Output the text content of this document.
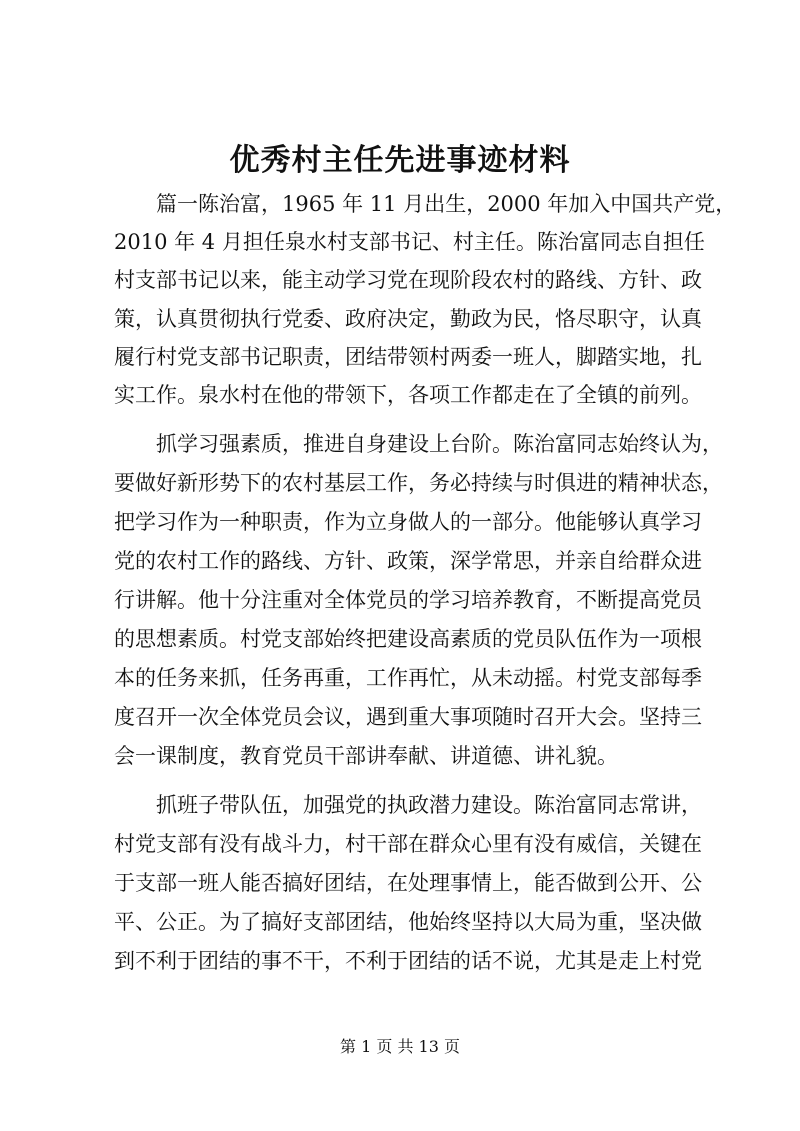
优秀村主任先进事迹材料
篇一陈治富，1965 年 11 月出生，2000 年加入中国共产党，
2010 年 4 月担任泉水村支部书记、村主任。陈治富同志自担任
村支部书记以来，能主动学习党在现阶段农村的路线、方针、政
策，认真贯彻执行党委、政府决定，勤政为民，恪尽职守，认真
履行村党支部书记职责，团结带领村两委一班人，脚踏实地，扎
实工作。泉水村在他的带领下，各项工作都走在了全镇的前列。
抓学习强素质，推进自身建设上台阶。陈治富同志始终认为，
要做好新形势下的农村基层工作，务必持续与时俱进的精神状态，
把学习作为一种职责，作为立身做人的一部分。他能够认真学习
党的农村工作的路线、方针、政策，深学常思，并亲自给群众进
行讲解。他十分注重对全体党员的学习培养教育，不断提高党员
的思想素质。村党支部始终把建设高素质的党员队伍作为一项根
本的任务来抓，任务再重，工作再忙，从未动摇。村党支部每季
度召开一次全体党员会议，遇到重大事项随时召开大会。坚持三
会一课制度，教育党员干部讲奉献、讲道德、讲礼貌。
抓班子带队伍，加强党的执政潜力建设。陈治富同志常讲，
村党支部有没有战斗力，村干部在群众心里有没有威信，关键在
于支部一班人能否搞好团结，在处理事情上，能否做到公开、公
平、公正。为了搞好支部团结，他始终坚持以大局为重，坚决做
到不利于团结的事不干，不利于团结的话不说，尤其是走上村党
第 1 页 共 13 页
